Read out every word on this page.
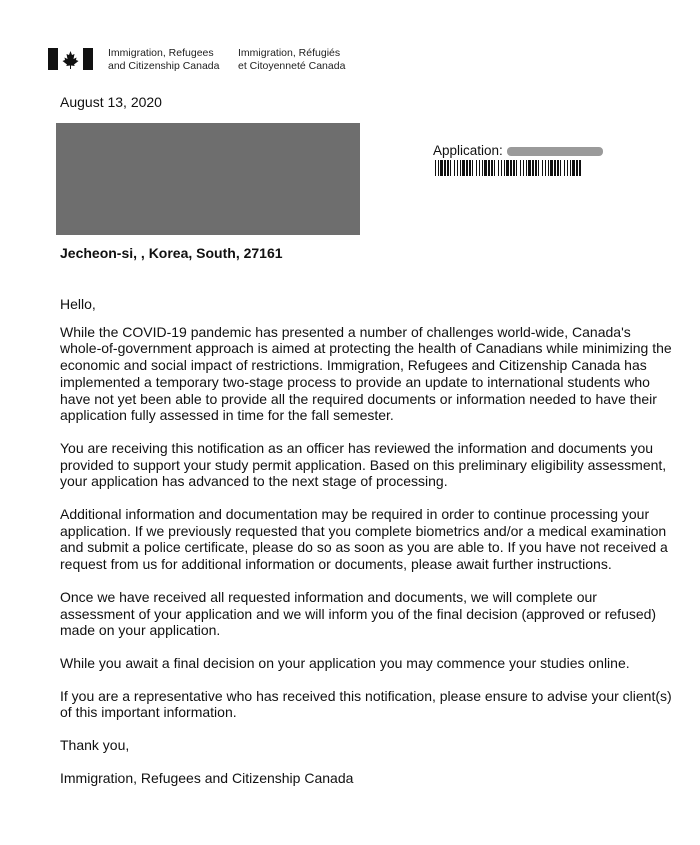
Immigration, Refugees
and Citizenship Canada
Immigration, Réfugiés
et Citoyenneté Canada
August 13, 2020
Application:
Jecheon-si, , Korea, South, 27161

Hello,

While the COVID-19 pandemic has presented a number of challenges world-wide, Canada's whole-of-government approach is aimed at protecting the health of Canadians while minimizing the economic and social impact of restrictions. Immigration, Refugees and Citizenship Canada has implemented a temporary two-stage process to provide an update to international students who have not yet been able to provide all the required documents or information needed to have their application fully assessed in time for the fall semester.

You are receiving this notification as an officer has reviewed the information and documents you provided to support your study permit application. Based on this preliminary eligibility assessment, your application has advanced to the next stage of processing.

Additional information and documentation may be required in order to continue processing your application. If we previously requested that you complete biometrics and/or a medical examination and submit a police certificate, please do so as soon as you are able to. If you have not received a request from us for additional information or documents, please await further instructions.

Once we have received all requested information and documents, we will complete our assessment of your application and we will inform you of the final decision (approved or refused) made on your application.

While you await a final decision on your application you may commence your studies online.

If you are a representative who has received this notification, please ensure to advise your client(s) of this important information.

Thank you,

Immigration, Refugees and Citizenship Canada
